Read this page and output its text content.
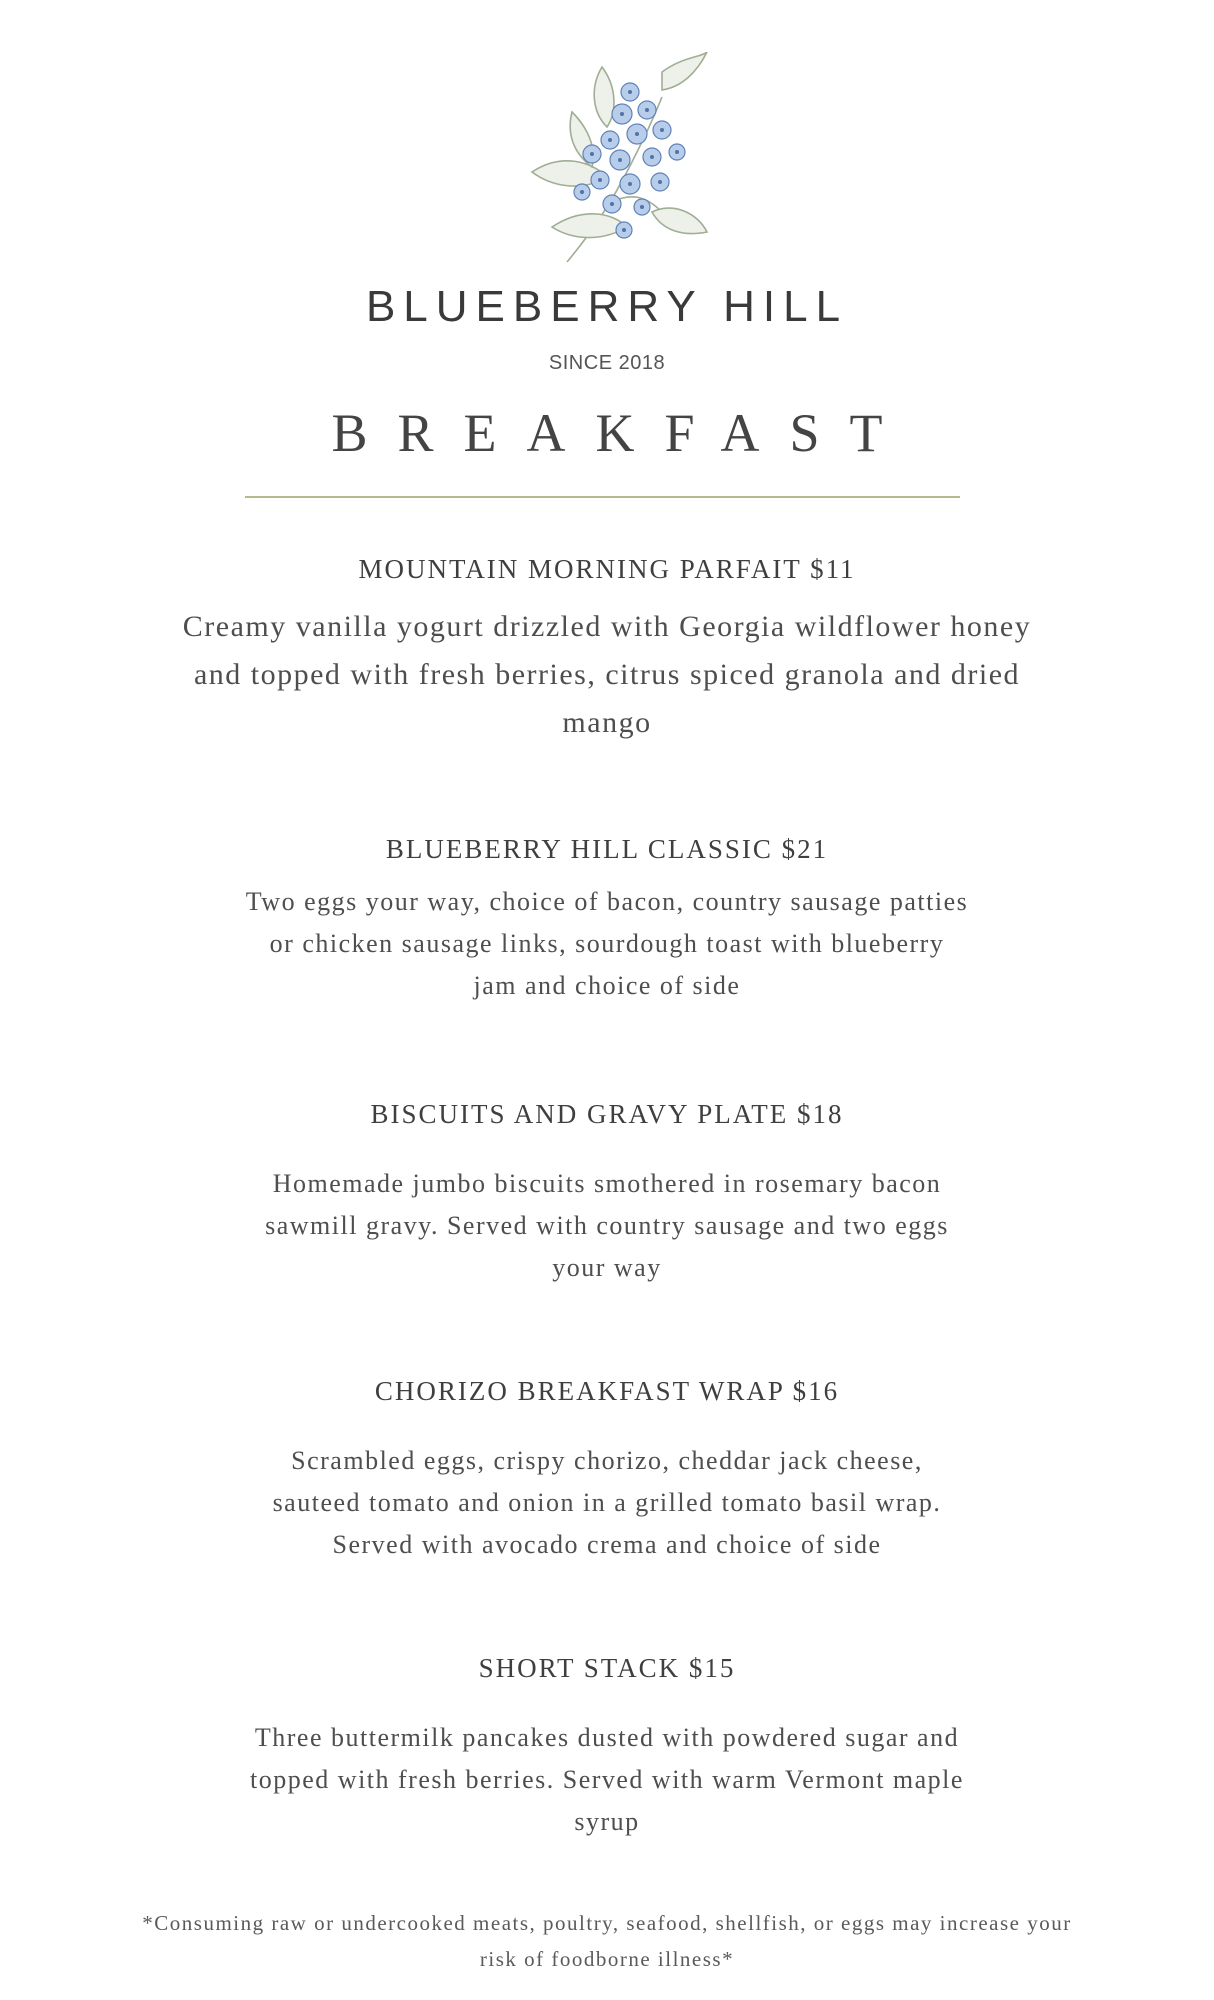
BLUEBERRY HILL
SINCE 2018
BREAKFAST
MOUNTAIN MORNING PARFAIT $11
Creamy vanilla yogurt drizzled with Georgia wildflower honey and topped with fresh berries, citrus spiced granola and dried mango
BLUEBERRY HILL CLASSIC $21
Two eggs your way, choice of bacon, country sausage patties or chicken sausage links, sourdough toast with blueberry jam and choice of side
BISCUITS AND GRAVY PLATE $18
Homemade jumbo biscuits smothered in rosemary bacon sawmill gravy. Served with country sausage and two eggs your way
CHORIZO BREAKFAST WRAP $16
Scrambled eggs, crispy chorizo, cheddar jack cheese, sauteed tomato and onion in a grilled tomato basil wrap. Served with avocado crema and choice of side
SHORT STACK $15
Three buttermilk pancakes dusted with powdered sugar and topped with fresh berries. Served with warm Vermont maple syrup
*Consuming raw or undercooked meats, poultry, seafood, shellfish, or eggs may increase your risk of foodborne illness*
